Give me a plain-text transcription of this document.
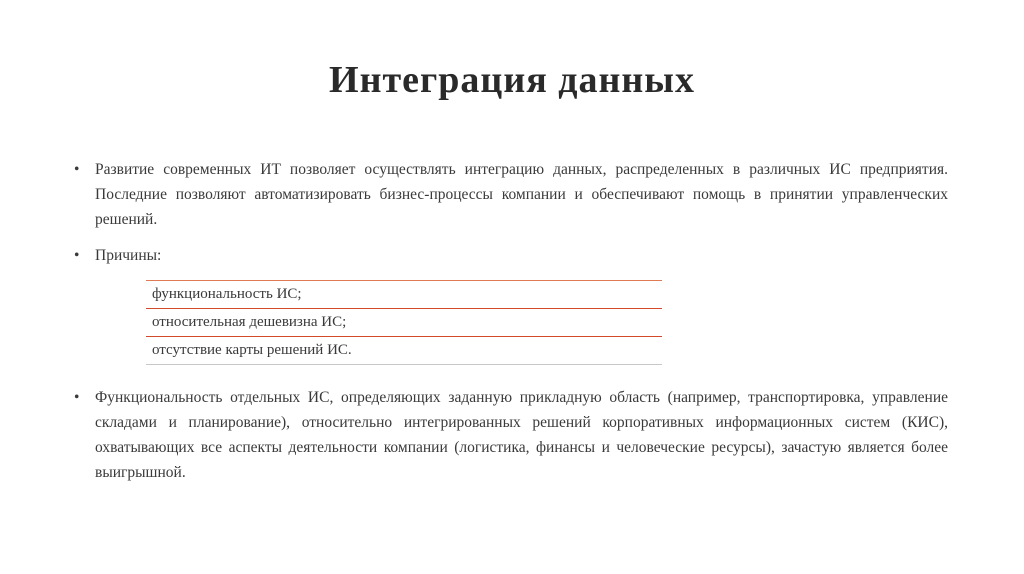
Интеграция данных
•	Развитие современных ИТ позволяет осуществлять интеграцию данных, распределенных в различных ИС предприятия. Последние позволяют автоматизировать бизнес-процессы компании и обеспечивают помощь в принятии управленческих решений.
•	Причины:
функциональность ИС;
относительная дешевизна ИС;
отсутствие карты решений ИС.
•	Функциональность отдельных ИС, определяющих заданную прикладную область (например, транспортировка, управление складами и планирование), относительно интегрированных решений корпоративных информационных систем (КИС), охватывающих все аспекты деятельности компании (логистика, финансы и человеческие ресурсы), зачастую является более выигрышной.
